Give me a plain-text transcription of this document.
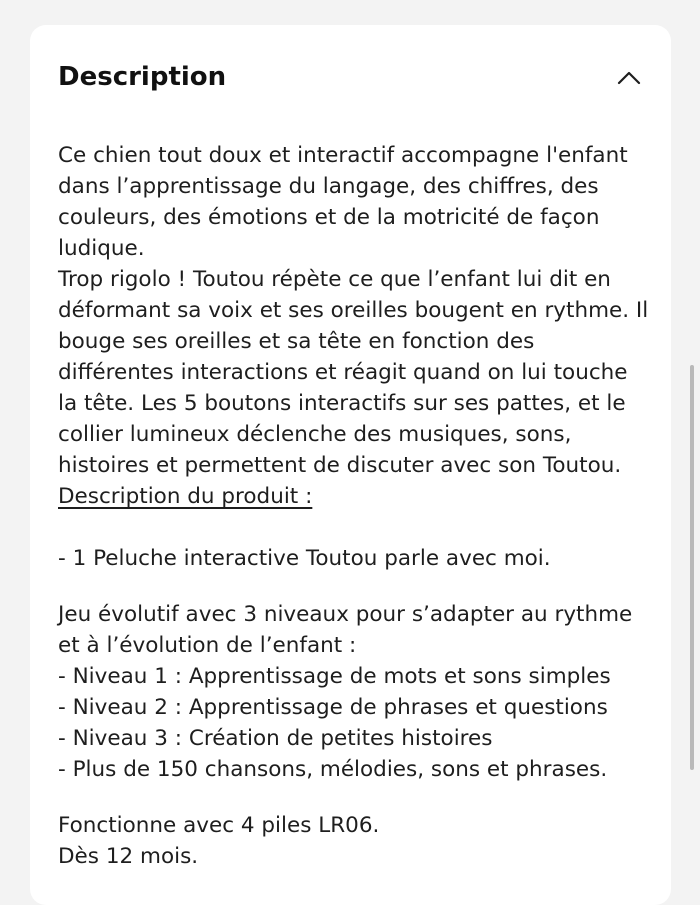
Description

Ce chien tout doux et interactif accompagne l'enfant

dans l’apprentissage du langage, des chiffres, des

couleurs, des émotions et de la motricité de façon

ludique.

Trop rigolo ! Toutou répète ce que l’enfant lui dit en

déformant sa voix et ses oreilles bougent en rythme. Il

bouge ses oreilles et sa tête en fonction des

différentes interactions et réagit quand on lui touche

la tête. Les 5 boutons interactifs sur ses pattes, et le

collier lumineux déclenche des musiques, sons,

histoires et permettent de discuter avec son Toutou.

Description du produit :

- 1 Peluche interactive Toutou parle avec moi.

Jeu évolutif avec 3 niveaux pour s’adapter au rythme

et à l’évolution de l’enfant :

- Niveau 1 : Apprentissage de mots et sons simples

- Niveau 2 : Apprentissage de phrases et questions

- Niveau 3 : Création de petites histoires

- Plus de 150 chansons, mélodies, sons et phrases.

Fonctionne avec 4 piles LR06.

Dès 12 mois.
